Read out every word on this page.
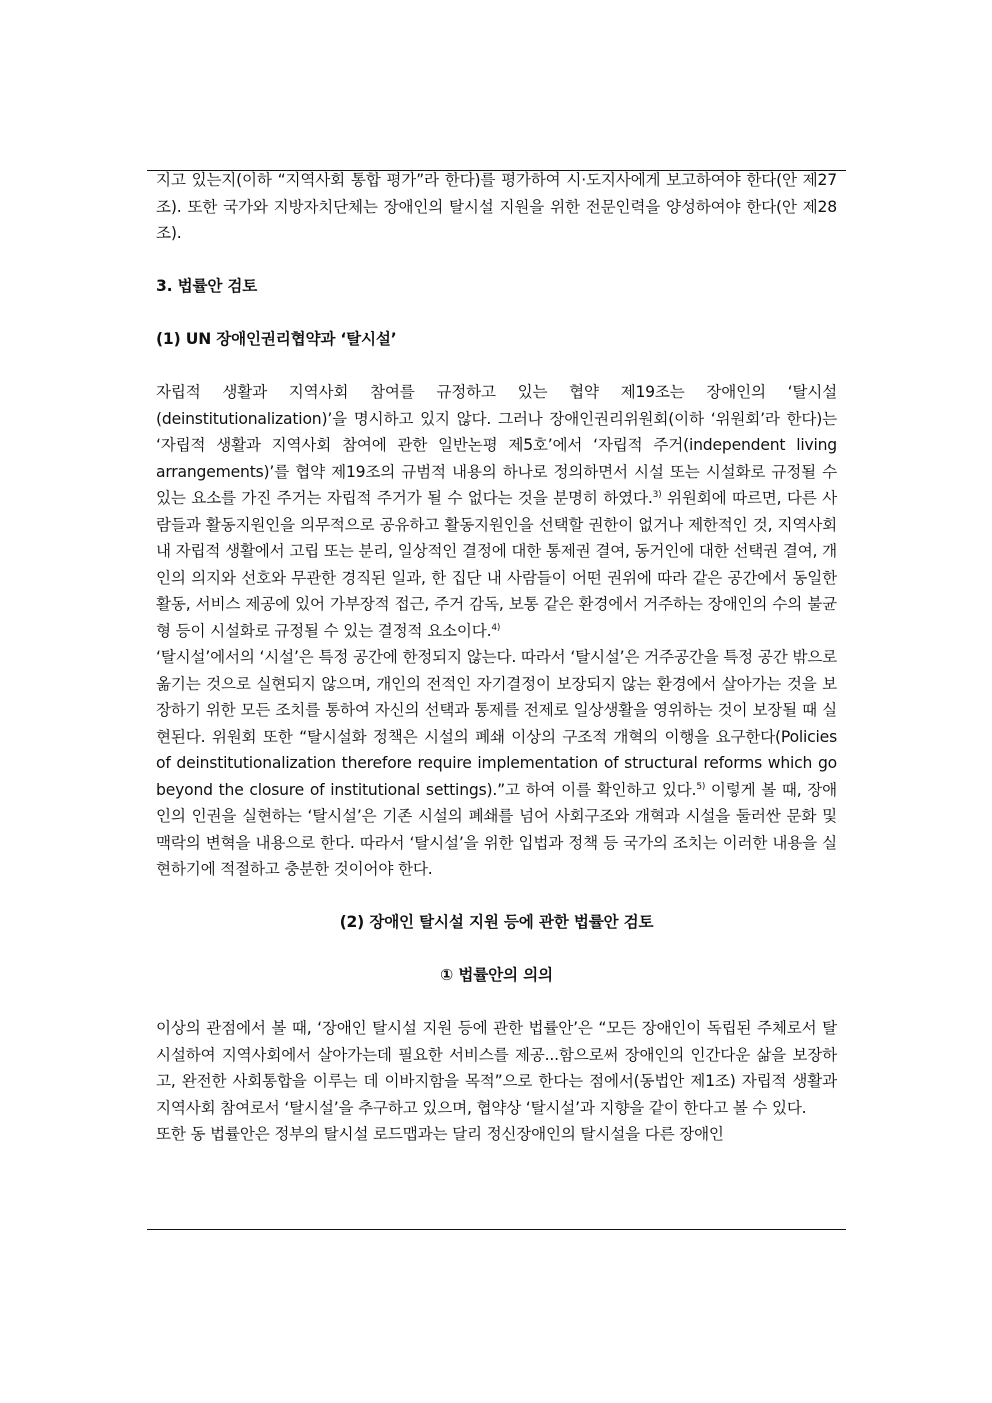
지고 있는지(이하 “지역사회 통합 평가”라 한다)를 평가하여 시·도지사에게 보고하여야 한다(안 제27조). 또한 국가와 지방자치단체는 장애인의 탈시설 지원을 위한 전문인력을 양성하여야 한다(안 제28조).

3. 법률안 검토

(1) UN 장애인권리협약과 ‘탈시설’

자립적 생활과 지역사회 참여를 규정하고 있는 협약 제19조는 장애인의 ‘탈시설(deinstitutionalization)’을 명시하고 있지 않다. 그러나 장애인권리위원회(이하 ‘위원회’라 한다)는 ‘자립적 생활과 지역사회 참여에 관한 일반논평 제5호’에서 ‘자립적 주거(independent living arrangements)’를 협약 제19조의 규범적 내용의 하나로 정의하면서 시설 또는 시설화로 규정될 수 있는 요소를 가진 주거는 자립적 주거가 될 수 없다는 것을 분명히 하였다.$^{3)}$ 위원회에 따르면, 다른 사람들과 활동지원인을 의무적으로 공유하고 활동지원인을 선택할 권한이 없거나 제한적인 것, 지역사회 내 자립적 생활에서 고립 또는 분리, 일상적인 결정에 대한 통제권 결여, 동거인에 대한 선택권 결여, 개인의 의지와 선호와 무관한 경직된 일과, 한 집단 내 사람들이 어떤 권위에 따라 같은 공간에서 동일한 활동, 서비스 제공에 있어 가부장적 접근, 주거 감독, 보통 같은 환경에서 거주하는 장애인의 수의 불균형 등이 시설화로 규정될 수 있는 결정적 요소이다.$^{4)}$

‘탈시설’에서의 ‘시설’은 특정 공간에 한정되지 않는다. 따라서 ‘탈시설’은 거주공간을 특정 공간 밖으로 옮기는 것으로 실현되지 않으며, 개인의 전적인 자기결정이 보장되지 않는 환경에서 살아가는 것을 보장하기 위한 모든 조치를 통하여 자신의 선택과 통제를 전제로 일상생활을 영위하는 것이 보장될 때 실현된다. 위원회 또한 “탈시설화 정책은 시설의 폐쇄 이상의 구조적 개혁의 이행을 요구한다(Policies of deinstitutionalization therefore require implementation of structural reforms which go beyond the closure of institutional settings).”고 하여 이를 확인하고 있다.$^{5)}$ 이렇게 볼 때, 장애인의 인권을 실현하는 ‘탈시설’은 기존 시설의 폐쇄를 넘어 사회구조와 개혁과 시설을 둘러싼 문화 및 맥락의 변혁을 내용으로 한다. 따라서 ‘탈시설’을 위한 입법과 정책 등 국가의 조치는 이러한 내용을 실현하기에 적절하고 충분한 것이어야 한다.

(2) 장애인 탈시설 지원 등에 관한 법률안 검토

① 법률안의 의의

이상의 관점에서 볼 때, ‘장애인 탈시설 지원 등에 관한 법률안’은 “모든 장애인이 독립된 주체로서 탈시설하여 지역사회에서 살아가는데 필요한 서비스를 제공...함으로써 장애인의 인간다운 삶을 보장하고, 완전한 사회통합을 이루는 데 이바지함을 목적”으로 한다는 점에서(동법안 제1조) 자립적 생활과 지역사회 참여로서 ‘탈시설’을 추구하고 있으며, 협약상 ‘탈시설’과 지향을 같이 한다고 볼 수 있다.

또한 동 법률안은 정부의 탈시설 로드맵과는 달리 정신장애인의 탈시설을 다른 장애인
